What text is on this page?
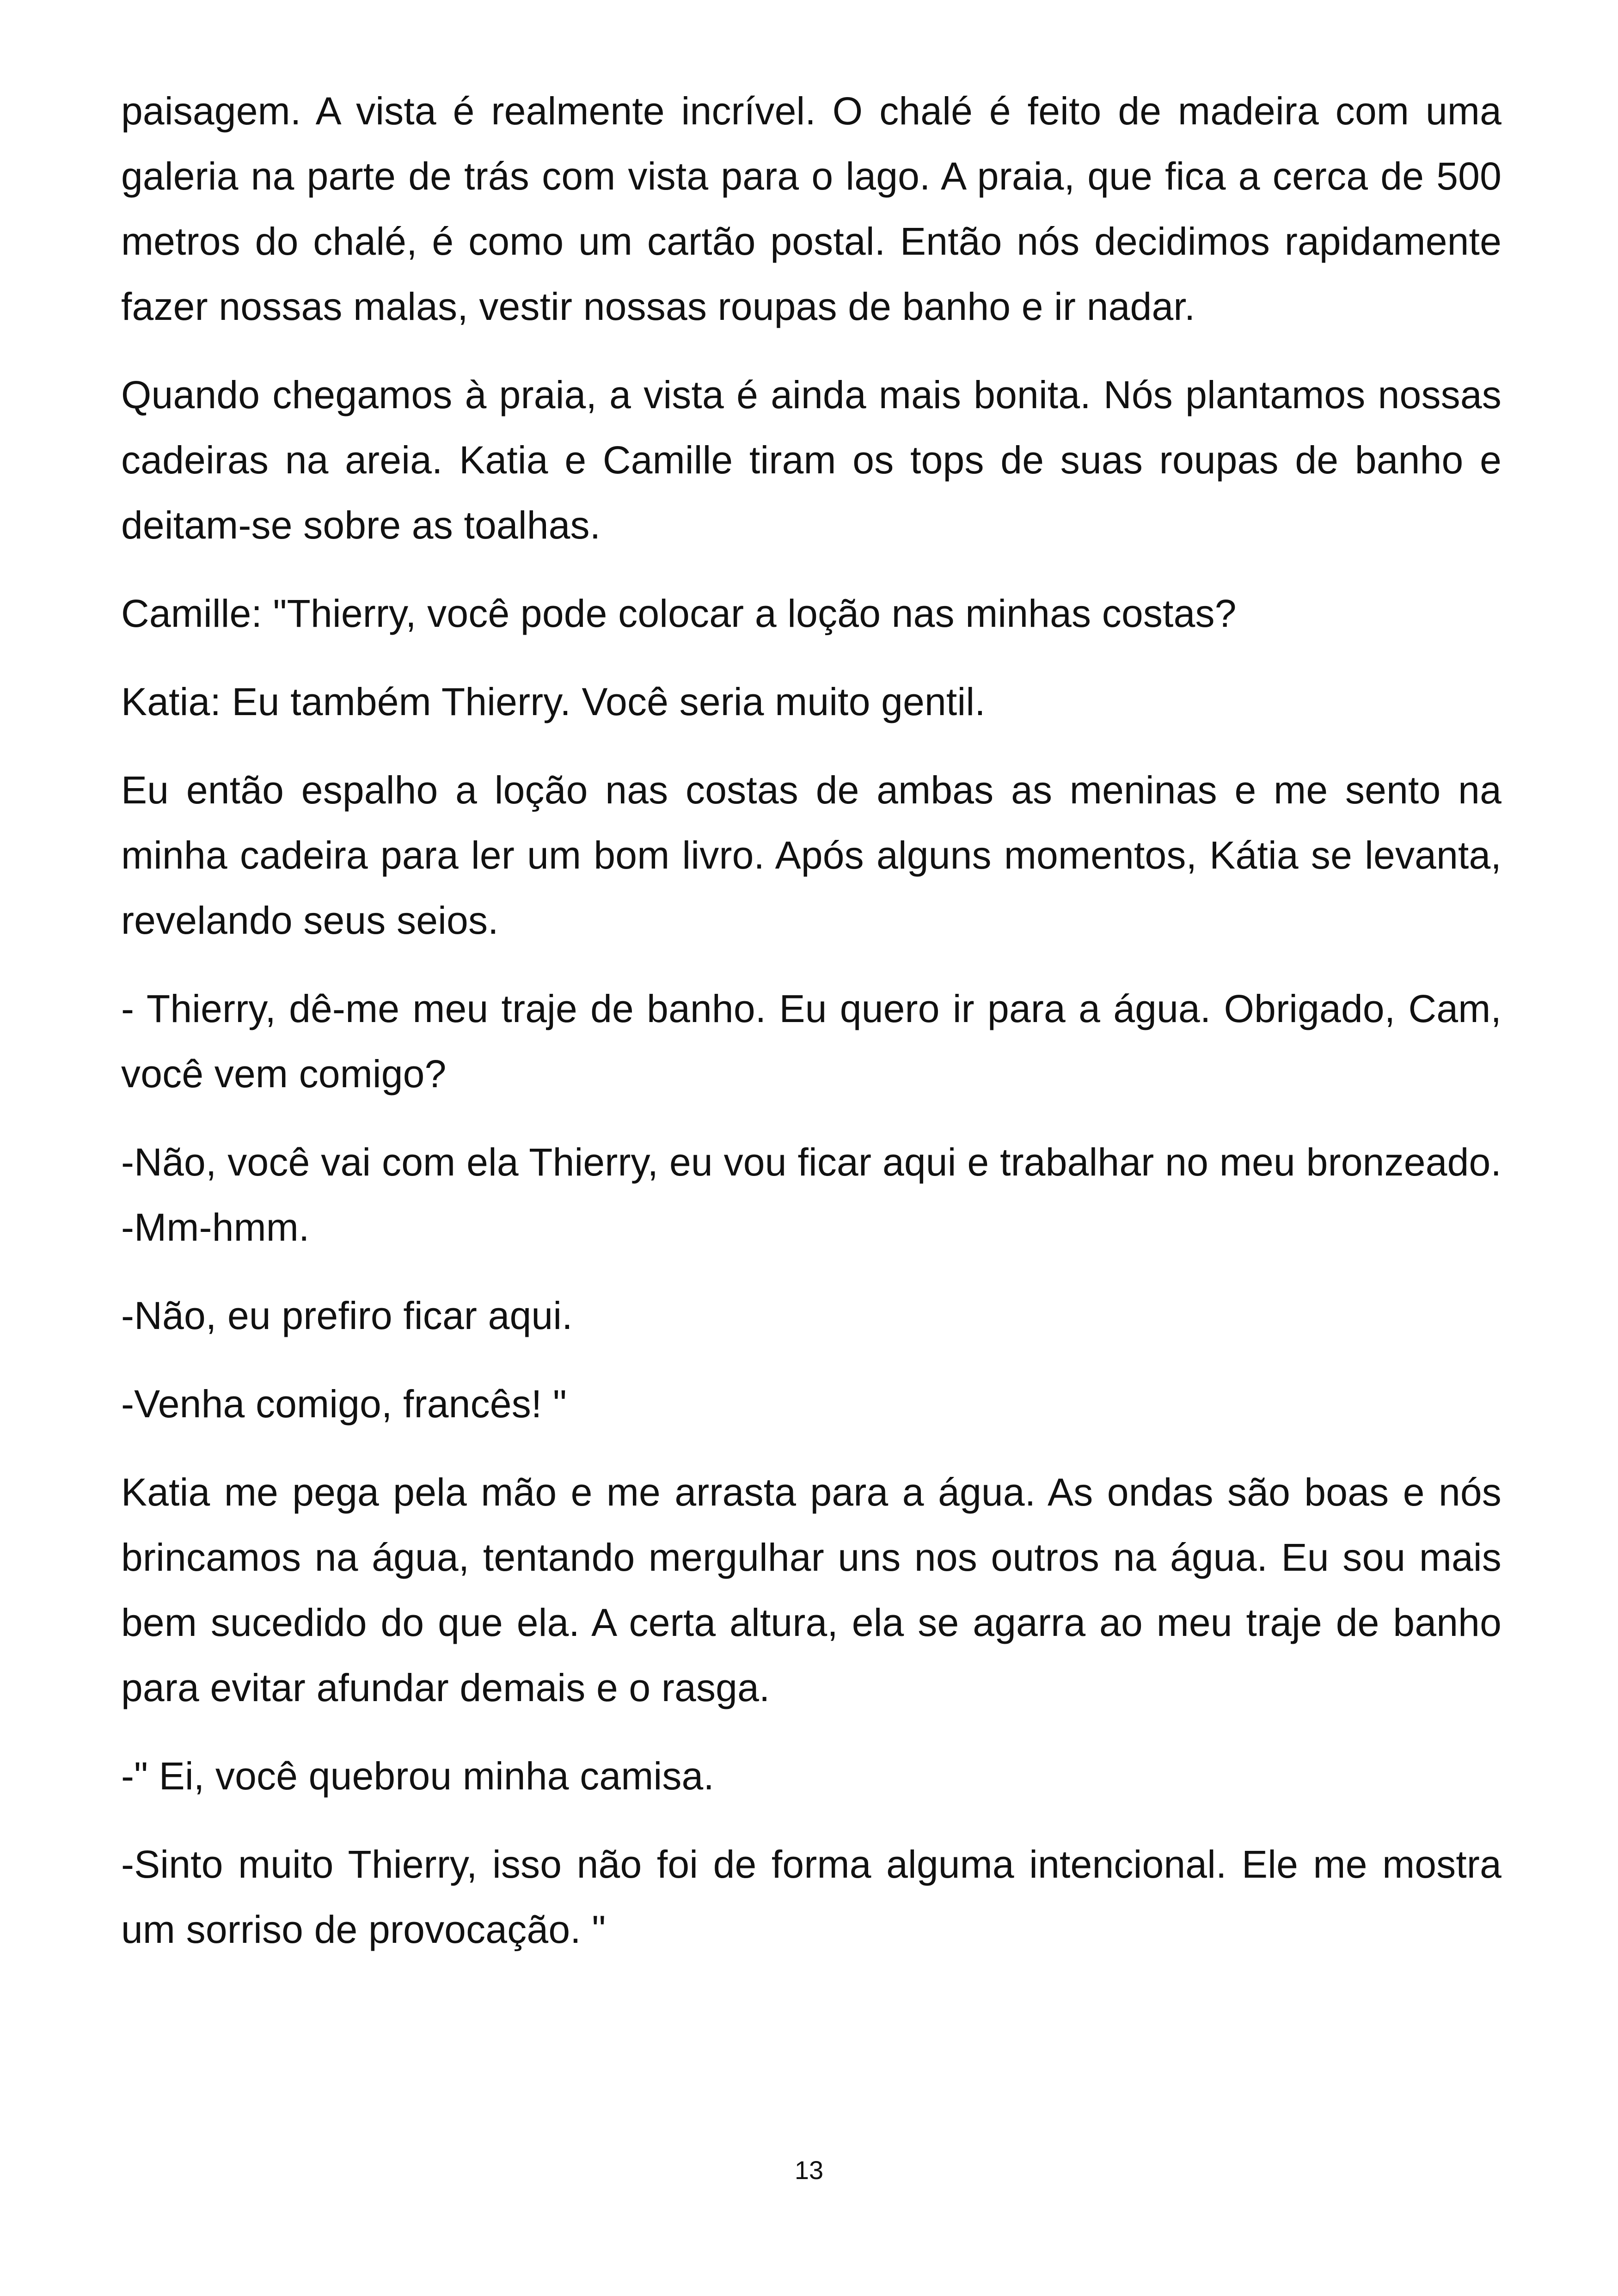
paisagem. A vista é realmente incrível. O chalé é feito de madeira com uma galeria na parte de trás com vista para o lago. A praia, que fica a cerca de 500 metros do chalé, é como um cartão postal. Então nós decidimos rapidamente fazer nossas malas, vestir nossas roupas de banho e ir nadar.

Quando chegamos à praia, a vista é ainda mais bonita. Nós plantamos nossas cadeiras na areia. Katia e Camille tiram os tops de suas roupas de banho e deitam-se sobre as toalhas.

Camille: "Thierry, você pode colocar a loção nas minhas costas?

Katia: Eu também Thierry. Você seria muito gentil.

Eu então espalho a loção nas costas de ambas as meninas e me sento na minha cadeira para ler um bom livro. Após alguns momentos, Kátia se levanta, revelando seus seios.

- Thierry, dê-me meu traje de banho. Eu quero ir para a água. Obrigado, Cam, você vem comigo?

-Não, você vai com ela Thierry, eu vou ficar aqui e trabalhar no meu bronzeado. -Mm-hmm.

-Não, eu prefiro ficar aqui.

-Venha comigo, francês! "

Katia me pega pela mão e me arrasta para a água. As ondas são boas e nós brincamos na água, tentando mergulhar uns nos outros na água. Eu sou mais bem sucedido do que ela. A certa altura, ela se agarra ao meu traje de banho para evitar afundar demais e o rasga.

-" Ei, você quebrou minha camisa.

-Sinto muito Thierry, isso não foi de forma alguma intencional. Ele me mostra um sorriso de provocação. "

13
